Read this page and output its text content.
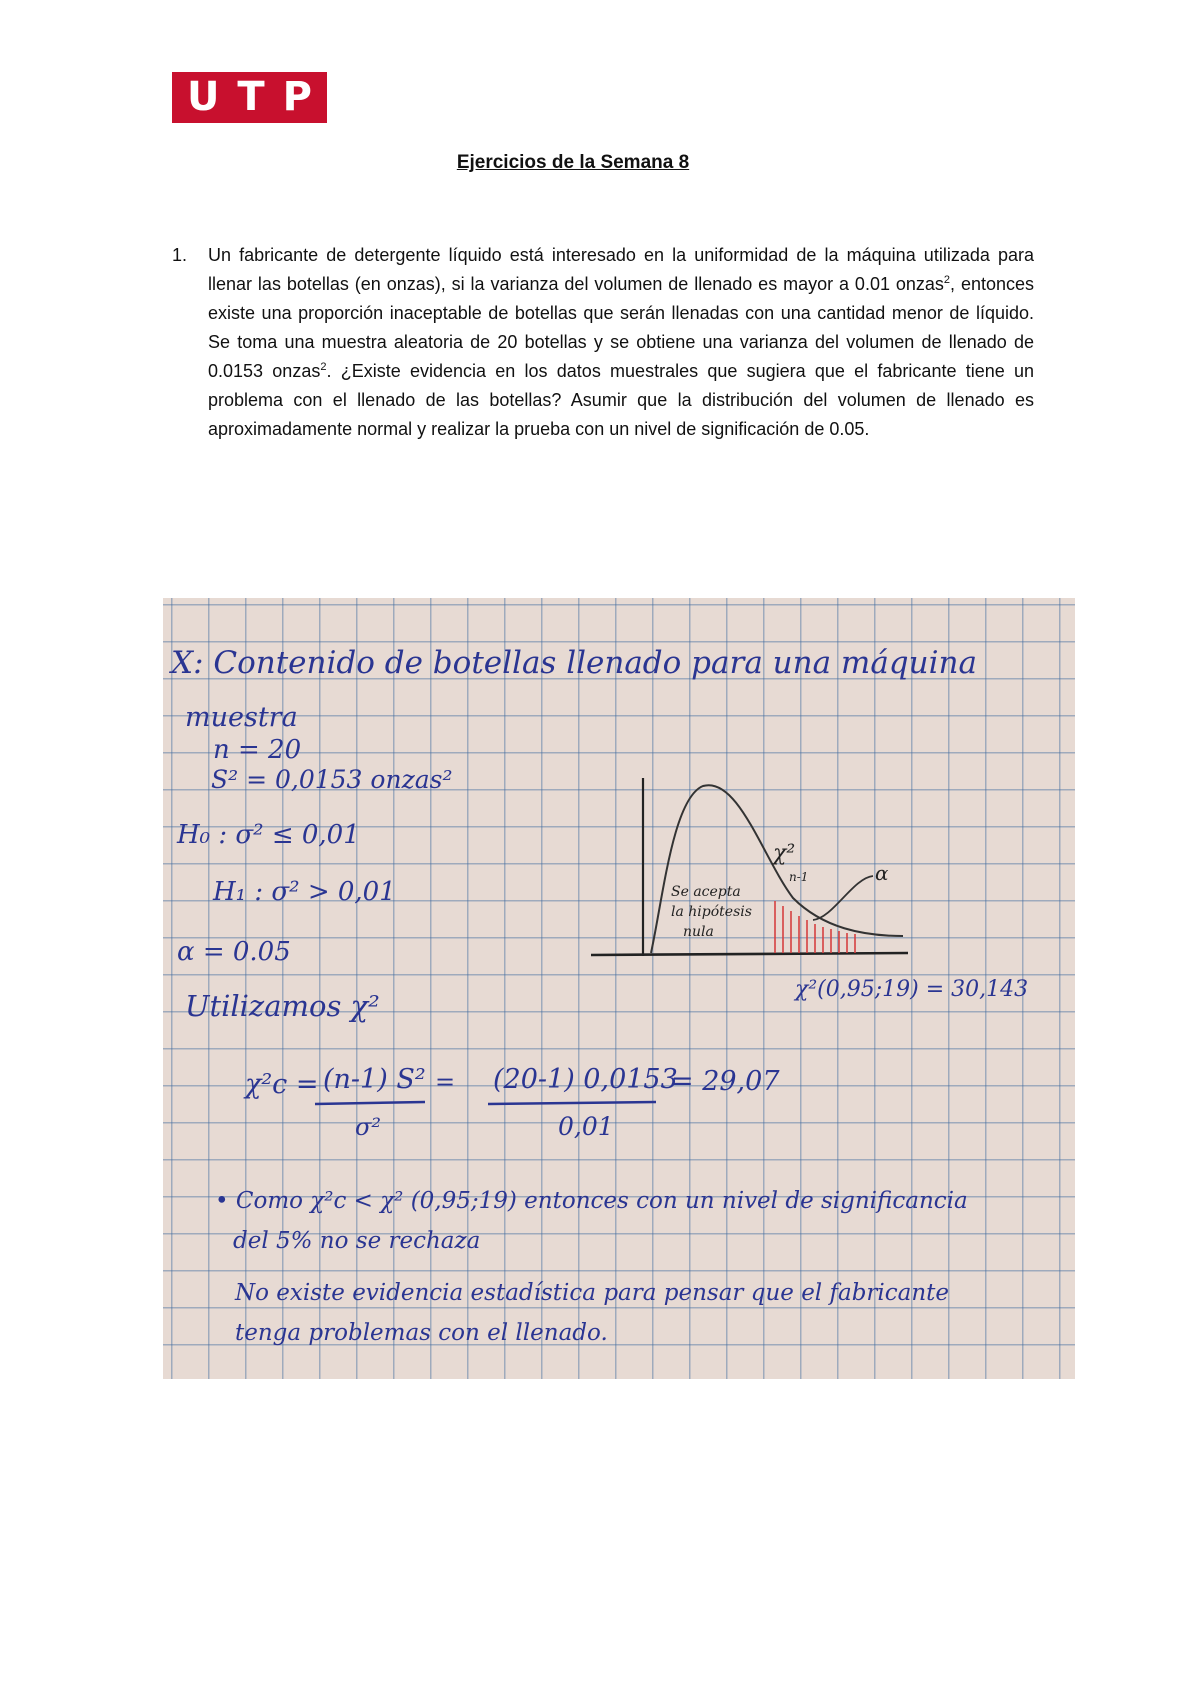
U T P
Ejercicios de la Semana 8
1. Un fabricante de detergente líquido está interesado en la uniformidad de la máquina utilizada para llenar las botellas (en onzas), si la varianza del volumen de llenado es mayor a 0.01 onzas$^2$, entonces existe una proporción inaceptable de botellas que serán llenadas con una cantidad menor de líquido. Se toma una muestra aleatoria de 20 botellas y se obtiene una varianza del volumen de llenado de 0.0153 onzas$^2$. ¿Existe evidencia en los datos muestrales que sugiera que el fabricante tiene un problema con el llenado de las botellas? Asumir que la distribución del volumen de llenado es aproximadamente normal y realizar la prueba con un nivel de significación de 0.05.
X: Contenido de botellas llenado para una máquina
muestra
n = 20
S² = 0,0153 onzas²
H₀ : σ² ≤ 0,01
H₁ : σ² > 0,01
α = 0.05
Utilizamos χ²
χ²c = (n-1) S²
σ²
= (20-1) 0,0153
0,01
= 29,07
χ²
n-1	α
Se acepta
la hipótesis
nula
χ²(0,95;19) = 30,143
• Como χ²c < χ² (0,95;19) entonces con un nivel de significancia
del 5% no se rechaza
No existe evidencia estadística para pensar que el fabricante
tenga problemas con el llenado.
